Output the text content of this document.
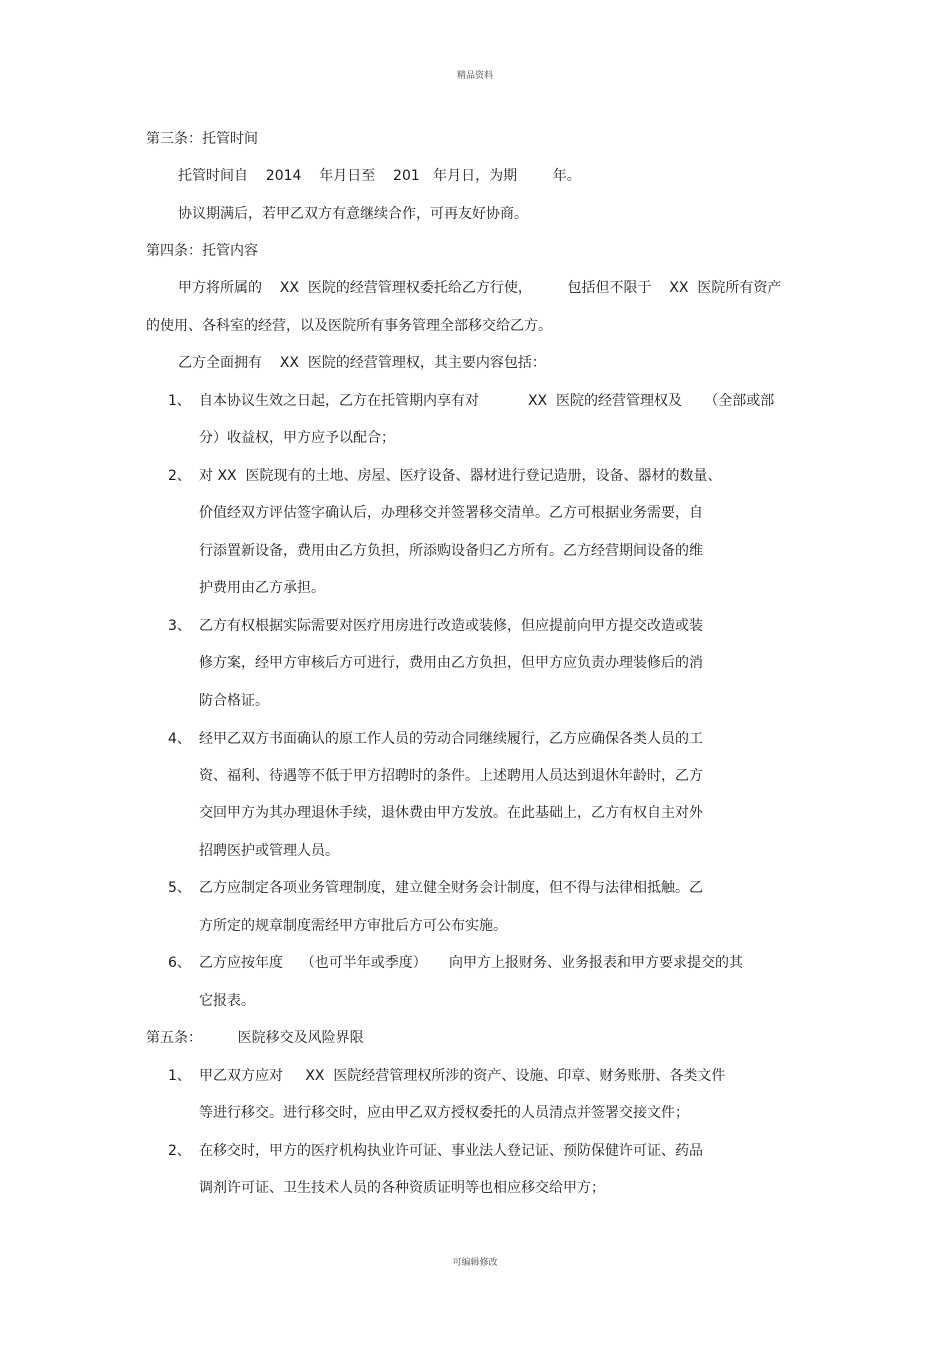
精品资料
第三条：托管时间
托管时间自    2014    年月日至    201   年月日，为期        年。
协议期满后，若甲乙双方有意继续合作，可再友好协商。
第四条：托管内容
甲方将所属的    XX  医院的经营管理权委托给乙方行使，        包括但不限于    XX  医院所有资产
的使用、各科室的经营，以及医院所有事务管理全部移交给乙方。
乙方全面拥有    XX  医院的经营管理权，其主要内容包括：
1、 自本协议生效之日起，乙方在托管期内享有对           XX  医院的经营管理权及     （全部或部
分）收益权，甲方应予以配合；
2、 对 XX  医院现有的土地、房屋、医疗设备、器材进行登记造册，设备、器材的数量、
价值经双方评估签字确认后，办理移交并签署移交清单。乙方可根据业务需要，自
行添置新设备，费用由乙方负担，所添购设备归乙方所有。乙方经营期间设备的维
护费用由乙方承担。
3、 乙方有权根据实际需要对医疗用房进行改造或装修，但应提前向甲方提交改造或装
修方案，经甲方审核后方可进行，费用由乙方负担，但甲方应负责办理装修后的消
防合格证。
4、 经甲乙双方书面确认的原工作人员的劳动合同继续履行，乙方应确保各类人员的工
资、福利、待遇等不低于甲方招聘时的条件。上述聘用人员达到退休年龄时，乙方
交回甲方为其办理退休手续，退休费由甲方发放。在此基础上，乙方有权自主对外
招聘医护或管理人员。
5、 乙方应制定各项业务管理制度，建立健全财务会计制度，但不得与法律相抵触。乙
方所定的规章制度需经甲方审批后方可公布实施。
6、 乙方应按年度    （也可半年或季度）     向甲方上报财务、业务报表和甲方要求提交的其
它报表。
第五条：        医院移交及风险界限
1、 甲乙双方应对     XX  医院经营管理权所涉的资产、设施、印章、财务账册、各类文件
等进行移交。进行移交时，应由甲乙双方授权委托的人员清点并签署交接文件；
2、 在移交时，甲方的医疗机构执业许可证、事业法人登记证、预防保健许可证、药品
调剂许可证、卫生技术人员的各种资质证明等也相应移交给甲方；
可编辑修改
